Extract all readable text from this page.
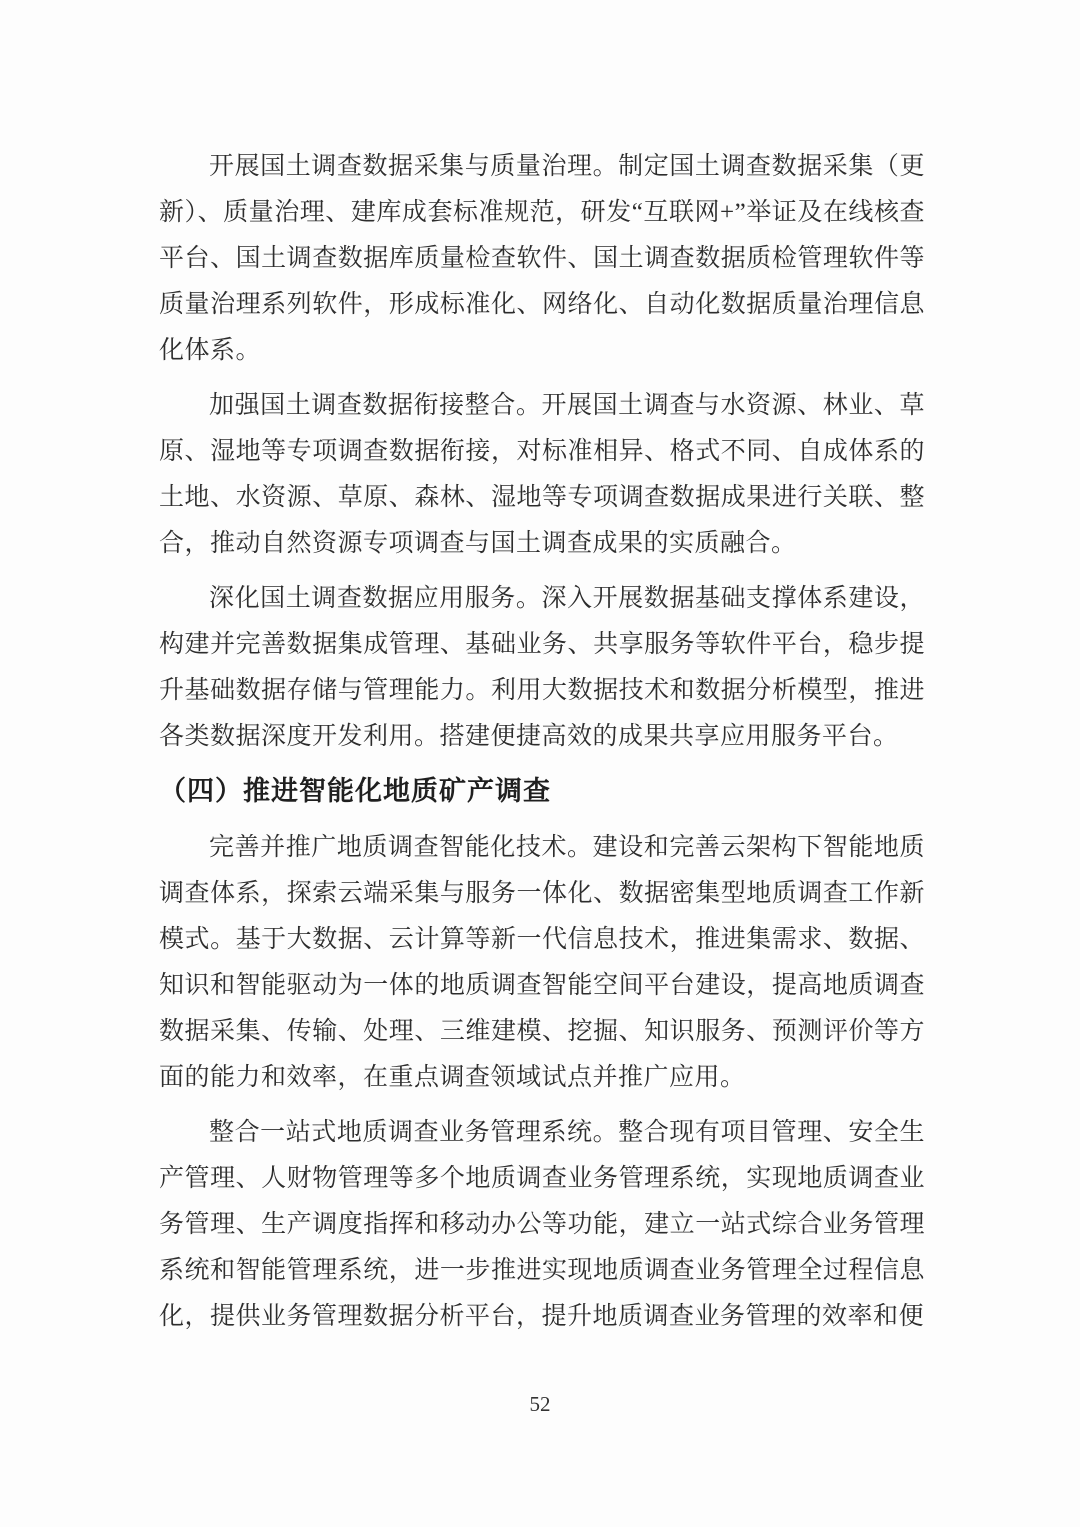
开展国土调查数据采集与质量治理。制定国土调查数据采集（更新）、质量治理、建库成套标准规范，研发“互联网+”举证及在线核查平台、国土调查数据库质量检查软件、国土调查数据质检管理软件等质量治理系列软件，形成标准化、网络化、自动化数据质量治理信息化体系。

加强国土调查数据衔接整合。开展国土调查与水资源、林业、草原、湿地等专项调查数据衔接，对标准相异、格式不同、自成体系的土地、水资源、草原、森林、湿地等专项调查数据成果进行关联、整合，推动自然资源专项调查与国土调查成果的实质融合。

深化国土调查数据应用服务。深入开展数据基础支撑体系建设，构建并完善数据集成管理、基础业务、共享服务等软件平台，稳步提升基础数据存储与管理能力。利用大数据技术和数据分析模型，推进各类数据深度开发利用。搭建便捷高效的成果共享应用服务平台。

（四）推进智能化地质矿产调查

完善并推广地质调查智能化技术。建设和完善云架构下智能地质调查体系，探索云端采集与服务一体化、数据密集型地质调查工作新模式。基于大数据、云计算等新一代信息技术，推进集需求、数据、知识和智能驱动为一体的地质调查智能空间平台建设，提高地质调查数据采集、传输、处理、三维建模、挖掘、知识服务、预测评价等方面的能力和效率，在重点调查领域试点并推广应用。

整合一站式地质调查业务管理系统。整合现有项目管理、安全生产管理、人财物管理等多个地质调查业务管理系统，实现地质调查业务管理、生产调度指挥和移动办公等功能，建立一站式综合业务管理系统和智能管理系统，进一步推进实现地质调查业务管理全过程信息化，提供业务管理数据分析平台，提升地质调查业务管理的效率和便

52
